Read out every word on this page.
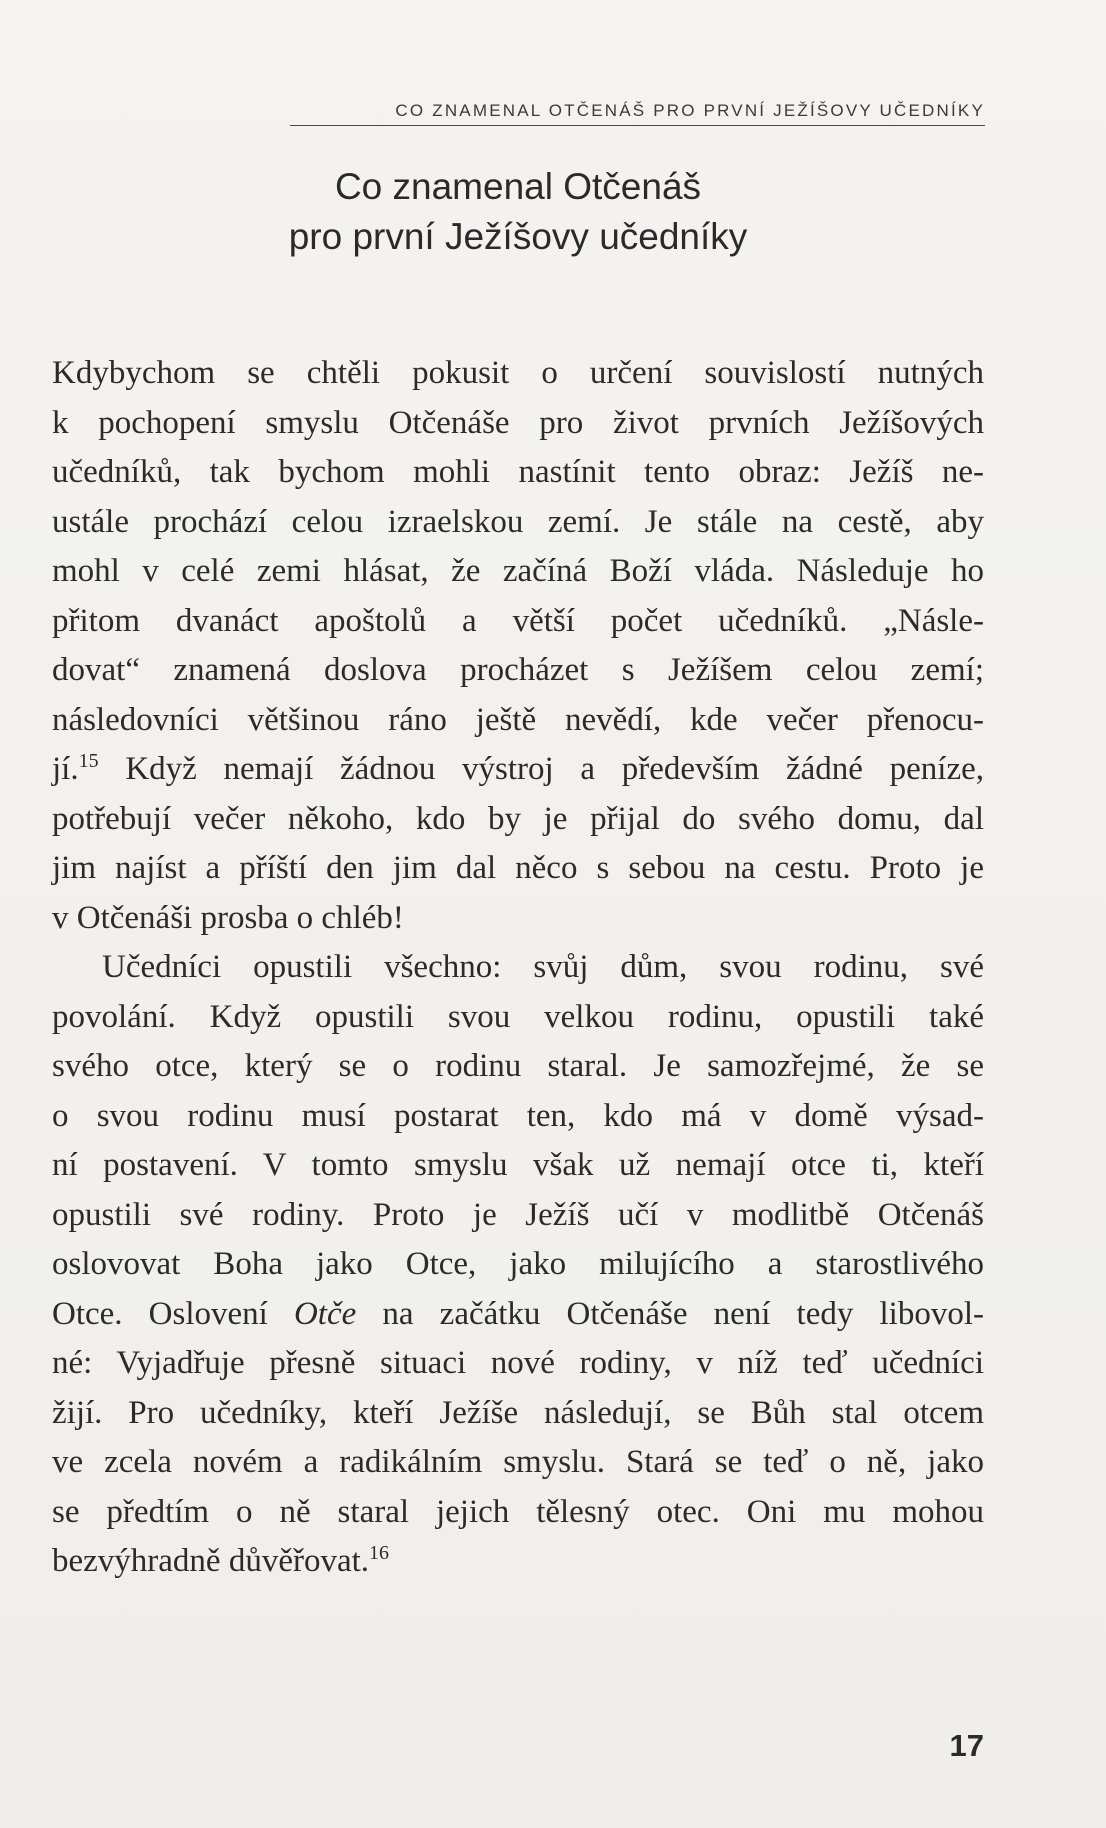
CO ZNAMENAL OTČENÁŠ PRO PRVNÍ JEŽÍŠOVY UČEDNÍKY
Co znamenal Otčenáš
pro první Ježíšovy učedníky
Kdybychom se chtěli pokusit o určení souvislostí nutných
k pochopení smyslu Otčenáše pro život prvních Ježíšových
učedníků, tak bychom mohli nastínit tento obraz: Ježíš ne-
ustále prochází celou izraelskou zemí. Je stále na cestě, aby
mohl v celé zemi hlásat, že začíná Boží vláda. Následuje ho
přitom dvanáct apoštolů a větší počet učedníků. „Násle-
dovat“ znamená doslova procházet s Ježíšem celou zemí;
následovníci většinou ráno ještě nevědí, kde večer přenocu-
jí.$^{15}$ Když nemají žádnou výstroj a především žádné peníze,
potřebují večer někoho, kdo by je přijal do svého domu, dal
jim najíst a příští den jim dal něco s sebou na cestu. Proto je
v Otčenáši prosba o chléb!
Učedníci opustili všechno: svůj dům, svou rodinu, své
povolání. Když opustili svou velkou rodinu, opustili také
svého otce, který se o rodinu staral. Je samozřejmé, že se
o svou rodinu musí postarat ten, kdo má v domě výsad-
ní postavení. V tomto smyslu však už nemají otce ti, kteří
opustili své rodiny. Proto je Ježíš učí v modlitbě Otčenáš
oslovovat Boha jako Otce, jako milujícího a starostlivého
Otce. Oslovení Otče na začátku Otčenáše není tedy libovol-
né: Vyjadřuje přesně situaci nové rodiny, v níž teď učedníci
žijí. Pro učedníky, kteří Ježíše následují, se Bůh stal otcem
ve zcela novém a radikálním smyslu. Stará se teď o ně, jako
se předtím o ně staral jejich tělesný otec. Oni mu mohou
bezvýhradně důvěřovat.$^{16}$
17
